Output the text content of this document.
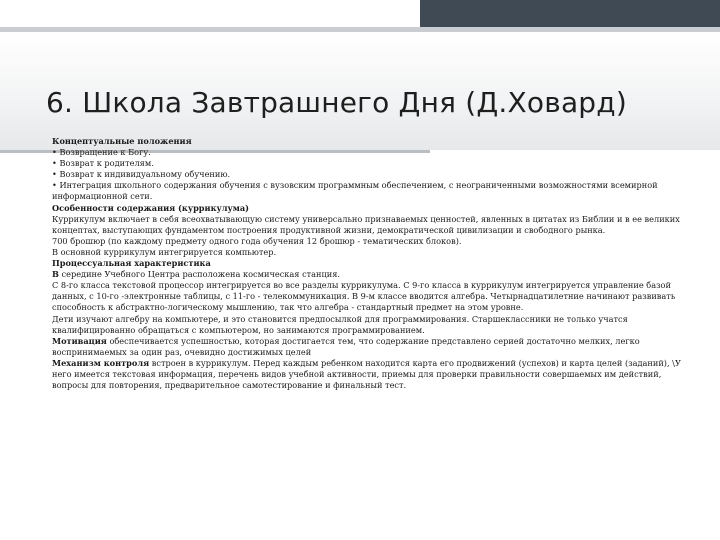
6. Школа Завтрашнего Дня (Д.Ховард)

Концептуальные положения

• Возвращение к Богу.

• Возврат к родителям.

• Возврат к индивидуальному обучению.

• Интеграция школьного содержания обучения с вузовским программным обеспечением, с неограниченными возможностями всемирной информационной сети.

Особенности содержания (куррикулума)

Куррикулум включает в себя всеохватывающую систему универсально признаваемых ценностей, явленных в цитатах из Библии и в ее великих концептах, выступающих фундаментом построения продуктивной жизни, демократической цивилизации и свободного рынка.

700 брошюр (по каждому предмету одного года обучения 12 брошюр - тематических блоков).

В основной куррикулум интегрируется компьютер.

Процессуальная характеристика

В середине Учебного Центра расположена космическая станция.

С 8-го класса текстовой процессор интегрируется во все разделы куррикулума. С 9-го класса в куррикулум интегрируется управление базой данных, с 10-го -электронные таблицы, с 11-го - телекоммуникация. В 9-м классе вводится алгебра. Четырнадцатилетние начинают развивать способность к абстрактно-логическому мышлению, так что алгебра - стандартный предмет на этом уровне.

Дети изучают алгебру на компьютере, и это становится предпосылкой для программирования. Старшеклассники не только учатся квалифицированно обращаться с компьютером, но занимаются программированием.

Мотивация обеспечивается успешностью, которая достигается тем, что содержание представлено серией достаточно мелких, легко воспринимаемых за один раз, очевидно достижимых целей

Механизм контроля встроен в куррикулум. Перед каждым ребенком находится карта его продвижений (успехов) и карта целей (заданий), \У него имеется текстовая информация, перечень видов учебной активности, приемы для проверки правильности совершаемых им действий, вопросы для повторения, предварительное самотестирование и финальный тест.
